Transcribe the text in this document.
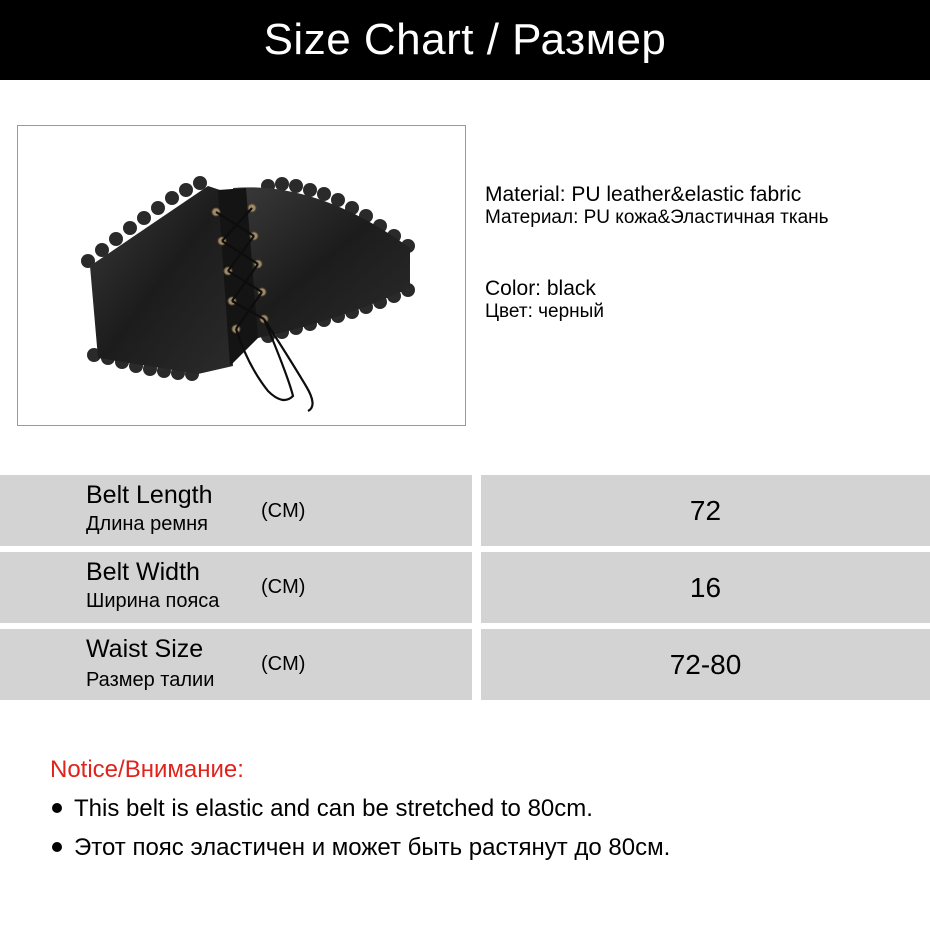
Size Chart / Размер
Material: PU leather&elastic fabric
Материал: PU кожа&Эластичная ткань
Color: black
Цвет: черный
Belt Length
Длина ремня
(CM)	72
Belt Width
Ширина пояса
(CM)	16
Waist Size
Размер талии
(CM)	72-80
Notice/Внимание:
This belt is elastic and can be stretched to 80cm.
Этот пояс эластичен и может быть растянут до 80см.
